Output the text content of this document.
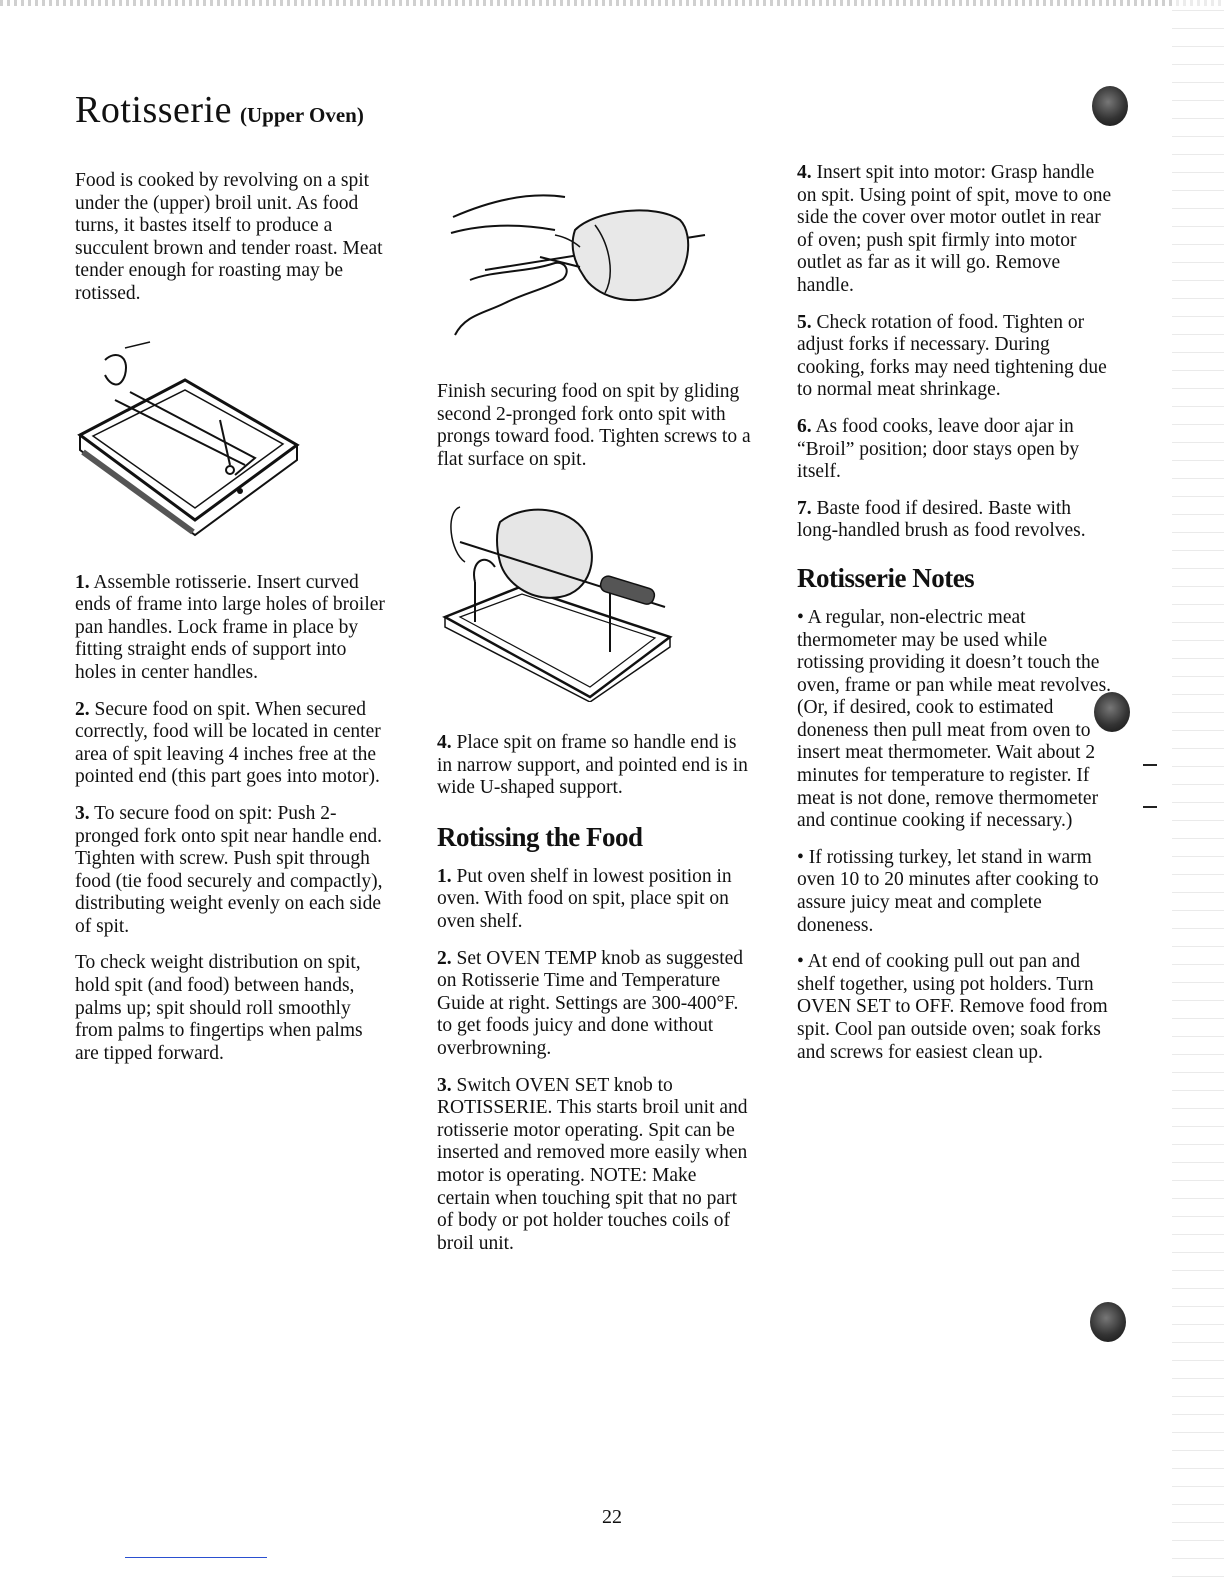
Rotisserie (Upper Oven)

Food is cooked by revolving on a spit under the (upper) broil unit. As food turns, it bastes itself to produce a succulent brown and tender roast. Meat tender enough for roasting may be rotissed.

1. Assemble rotisserie. Insert curved ends of frame into large holes of broiler pan handles. Lock frame in place by fitting straight ends of support into holes in center handles.

2. Secure food on spit. When secured correctly, food will be located in center area of spit leaving 4 inches free at the pointed end (this part goes into motor).

3. To secure food on spit: Push 2-pronged fork onto spit near handle end. Tighten with screw. Push spit through food (tie food securely and compactly), distributing weight evenly on each side of spit.

To check weight distribution on spit, hold spit (and food) between hands, palms up; spit should roll smoothly from palms to fingertips when palms are tipped forward.

Finish securing food on spit by gliding second 2-pronged fork onto spit with prongs toward food. Tighten screws to a flat surface on spit.

4. Place spit on frame so handle end is in narrow support, and pointed end is in wide U-shaped support.

Rotissing the Food

1. Put oven shelf in lowest position in oven. With food on spit, place spit on oven shelf.

2. Set OVEN TEMP knob as suggested on Rotisserie Time and Temperature Guide at right. Settings are 300-400°F. to get foods juicy and done without overbrowning.

3. Switch OVEN SET knob to ROTISSERIE. This starts broil unit and rotisserie motor operating. Spit can be inserted and removed more easily when motor is operating. NOTE: Make certain when touching spit that no part of body or pot holder touches coils of broil unit.

4. Insert spit into motor: Grasp handle on spit. Using point of spit, move to one side the cover over motor outlet in rear of oven; push spit firmly into motor outlet as far as it will go. Remove handle.

5. Check rotation of food. Tighten or adjust forks if necessary. During cooking, forks may need tightening due to normal meat shrinkage.

6. As food cooks, leave door ajar in “Broil” position; door stays open by itself.

7. Baste food if desired. Baste with long-handled brush as food revolves.

Rotisserie Notes

• A regular, non-electric meat thermometer may be used while rotissing providing it doesn’t touch the oven, frame or pan while meat revolves. (Or, if desired, cook to estimated doneness then pull meat from oven to insert meat thermometer. Wait about 2 minutes for temperature to register. If meat is not done, remove thermometer and continue cooking if necessary.)

• If rotissing turkey, let stand in warm oven 10 to 20 minutes after cooking to assure juicy meat and complete doneness.

• At end of cooking pull out pan and shelf together, using pot holders. Turn OVEN SET to OFF. Remove food from spit. Cool pan outside oven; soak forks and screws for easiest clean up.

22
